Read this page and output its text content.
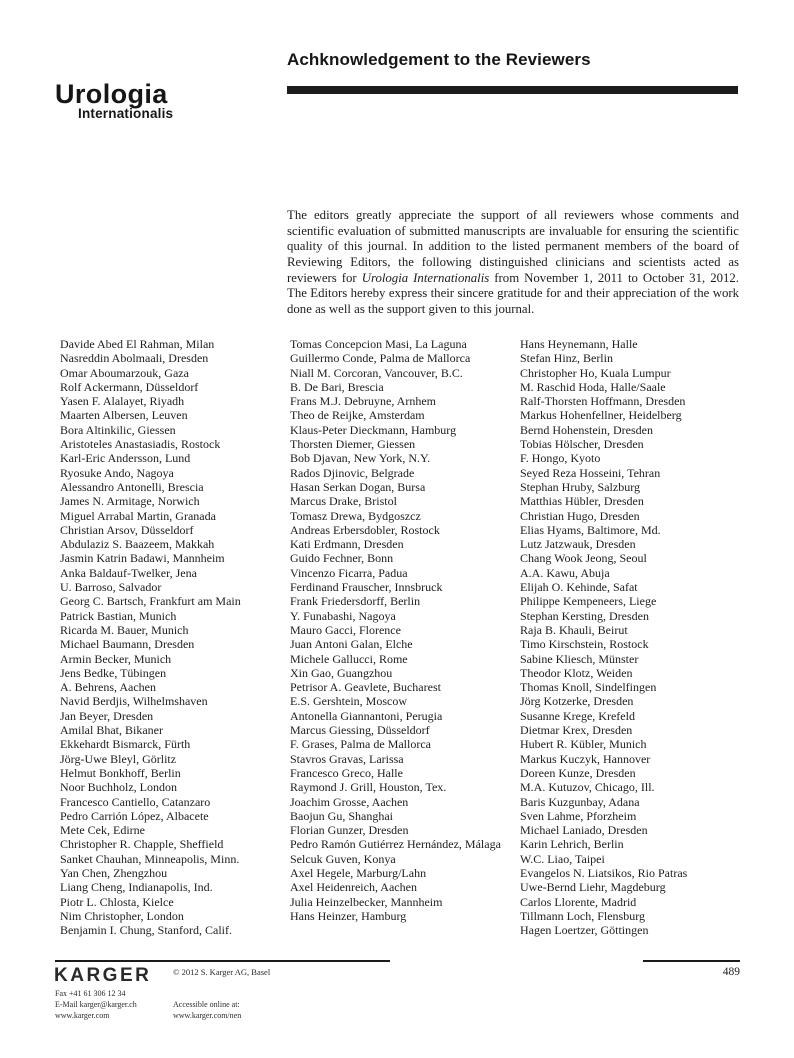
Achknowledgement to the Reviewers
Urologia
Internationalis

The editors greatly appreciate the support of all reviewers whose comments and scientific evaluation of submitted manuscripts are invaluable for ensuring the scientific quality of this journal. In addition to the listed permanent members of the board of Reviewing Editors, the following distinguished clinicians and scientists acted as reviewers for Urologia Internationalis from November 1, 2011 to October 31, 2012. The Editors hereby express their sincere gratitude for and their appreciation of the work done as well as the support given to this journal.

Davide Abed El Rahman, Milan
Nasreddin Abolmaali, Dresden
Omar Aboumarzouk, Gaza
Rolf Ackermann, Düsseldorf
Yasen F. Alalayet, Riyadh
Maarten Albersen, Leuven
Bora Altinkilic, Giessen
Aristoteles Anastasiadis, Rostock
Karl-Eric Andersson, Lund
Ryosuke Ando, Nagoya
Alessandro Antonelli, Brescia
James N. Armitage, Norwich
Miguel Arrabal Martin, Granada
Christian Arsov, Düsseldorf
Abdulaziz S. Baazeem, Makkah
Jasmin Katrin Badawi, Mannheim
Anka Baldauf-Twelker, Jena
U. Barroso, Salvador
Georg C. Bartsch, Frankfurt am Main
Patrick Bastian, Munich
Ricarda M. Bauer, Munich
Michael Baumann, Dresden
Armin Becker, Munich
Jens Bedke, Tübingen
A. Behrens, Aachen
Navid Berdjis, Wilhelmshaven
Jan Beyer, Dresden
Amilal Bhat, Bikaner
Ekkehardt Bismarck, Fürth
Jörg-Uwe Bleyl, Görlitz
Helmut Bonkhoff, Berlin
Noor Buchholz, London
Francesco Cantiello, Catanzaro
Pedro Carrión López, Albacete
Mete Cek, Edirne
Christopher R. Chapple, Sheffield
Sanket Chauhan, Minneapolis, Minn.
Yan Chen, Zhengzhou
Liang Cheng, Indianapolis, Ind.
Piotr L. Chlosta, Kielce
Nim Christopher, London
Benjamin I. Chung, Stanford, Calif.
Tomas Concepcion Masi, La Laguna
Guillermo Conde, Palma de Mallorca
Niall M. Corcoran, Vancouver, B.C.
B. De Bari, Brescia
Frans M.J. Debruyne, Arnhem
Theo de Reijke, Amsterdam
Klaus-Peter Dieckmann, Hamburg
Thorsten Diemer, Giessen
Bob Djavan, New York, N.Y.
Rados Djinovic, Belgrade
Hasan Serkan Dogan, Bursa
Marcus Drake, Bristol
Tomasz Drewa, Bydgoszcz
Andreas Erbersdobler, Rostock
Kati Erdmann, Dresden
Guido Fechner, Bonn
Vincenzo Ficarra, Padua
Ferdinand Frauscher, Innsbruck
Frank Friedersdorff, Berlin
Y. Funabashi, Nagoya
Mauro Gacci, Florence
Juan Antoni Galan, Elche
Michele Gallucci, Rome
Xin Gao, Guangzhou
Petrisor A. Geavlete, Bucharest
E.S. Gershtein, Moscow
Antonella Giannantoni, Perugia
Marcus Giessing, Düsseldorf
F. Grases, Palma de Mallorca
Stavros Gravas, Larissa
Francesco Greco, Halle
Raymond J. Grill, Houston, Tex.
Joachim Grosse, Aachen
Baojun Gu, Shanghai
Florian Gunzer, Dresden
Pedro Ramón Gutiérrez Hernández, Málaga
Selcuk Guven, Konya
Axel Hegele, Marburg/Lahn
Axel Heidenreich, Aachen
Julia Heinzelbecker, Mannheim
Hans Heinzer, Hamburg
Hans Heynemann, Halle
Stefan Hinz, Berlin
Christopher Ho, Kuala Lumpur
M. Raschid Hoda, Halle/Saale
Ralf-Thorsten Hoffmann, Dresden
Markus Hohenfellner, Heidelberg
Bernd Hohenstein, Dresden
Tobias Hölscher, Dresden
F. Hongo, Kyoto
Seyed Reza Hosseini, Tehran
Stephan Hruby, Salzburg
Matthias Hübler, Dresden
Christian Hugo, Dresden
Elias Hyams, Baltimore, Md.
Lutz Jatzwauk, Dresden
Chang Wook Jeong, Seoul
A.A. Kawu, Abuja
Elijah O. Kehinde, Safat
Philippe Kempeneers, Liege
Stephan Kersting, Dresden
Raja B. Khauli, Beirut
Timo Kirschstein, Rostock
Sabine Kliesch, Münster
Theodor Klotz, Weiden
Thomas Knoll, Sindelfingen
Jörg Kotzerke, Dresden
Susanne Krege, Krefeld
Dietmar Krex, Dresden
Hubert R. Kübler, Munich
Markus Kuczyk, Hannover
Doreen Kunze, Dresden
M.A. Kutuzov, Chicago, Ill.
Baris Kuzgunbay, Adana
Sven Lahme, Pforzheim
Michael Laniado, Dresden
Karin Lehrich, Berlin
W.C. Liao, Taipei
Evangelos N. Liatsikos, Rio Patras
Uwe-Bernd Liehr, Magdeburg
Carlos Llorente, Madrid
Tillmann Loch, Flensburg
Hagen Loertzer, Göttingen
KARGER	© 2012 S. Karger AG, Basel	489
Fax +41 61 306 12 34
E-Mail karger@karger.ch
www.karger.com
Accessible online at:
www.karger.com/nen
